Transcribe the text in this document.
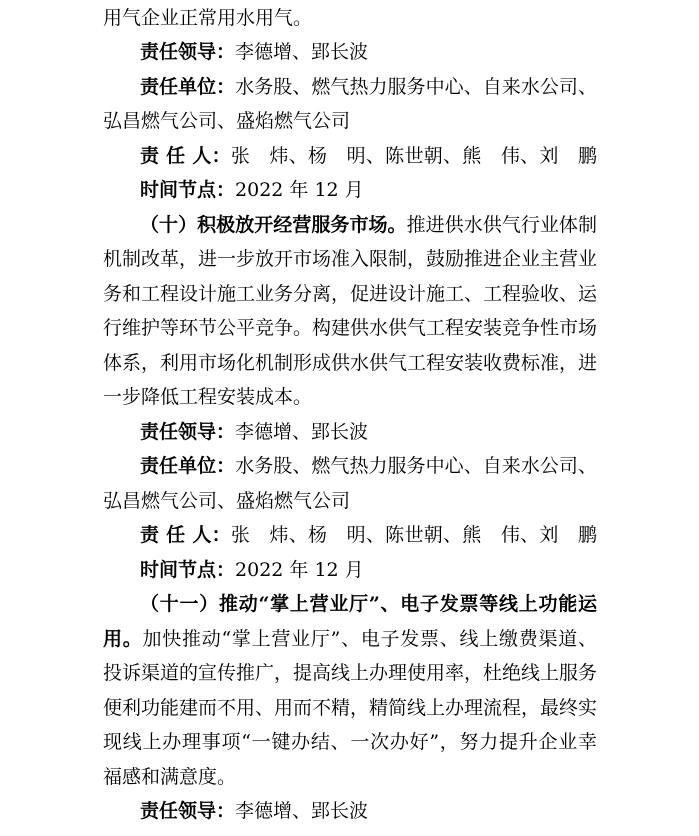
用气企业正常用水用气。
责任领导：李德增、郢长波
责任单位：水务股、燃气热力服务中心、自来水公司、
弘昌燃气公司、盛焰燃气公司
责 任 人：张　炜、杨　明、陈世朝、熊　伟、刘　鹏
时间节点：2022 年 12 月
（十）积极放开经营服务市场。推进供水供气行业体制
机制改革，进一步放开市场准入限制，鼓励推进企业主营业
务和工程设计施工业务分离，促进设计施工、工程验收、运
行维护等环节公平竞争。构建供水供气工程安装竞争性市场
体系，利用市场化机制形成供水供气工程安装收费标准，进
一步降低工程安装成本。
责任领导：李德增、郢长波
责任单位：水务股、燃气热力服务中心、自来水公司、
弘昌燃气公司、盛焰燃气公司
责 任 人：张　炜、杨　明、陈世朝、熊　伟、刘　鹏
时间节点：2022 年 12 月
（十一）推动“掌上营业厅”、电子发票等线上功能运
用。加快推动“掌上营业厅”、电子发票、线上缴费渠道、
投诉渠道的宣传推广，提高线上办理使用率，杜绝线上服务
便利功能建而不用、用而不精，精简线上办理流程，最终实
现线上办理事项“一键办结、一次办好”，努力提升企业幸
福感和满意度。
责任领导：李德增、郢长波
